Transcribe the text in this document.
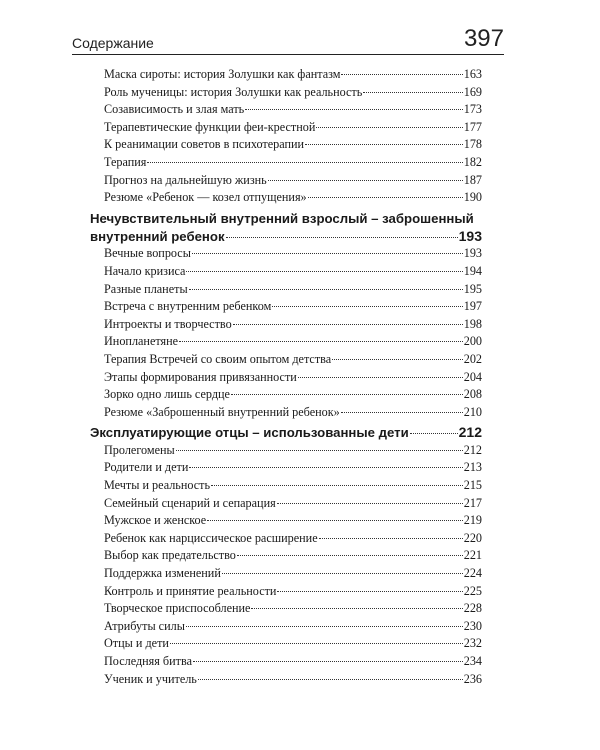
Содержание	397
Маска сироты: история Золушки как фантазм	163
Роль мученицы: история Золушки как реальность	169
Созависимость и злая мать	173
Терапевтические функции феи-крестной	177
К реанимации советов в психотерапии	178
Терапия	182
Прогноз на дальнейшую жизнь	187
Резюме «Ребенок — козел отпущения»	190
Нечувствительный внутренний взрослый – заброшенный
внутренний ребенок	193
Вечные вопросы	193
Начало кризиса	194
Разные планеты	195
Встреча с внутренним ребенком	197
Интроекты и творчество	198
Инопланетяне	200
Терапия Встречей со своим опытом детства	202
Этапы формирования привязанности	204
Зорко одно лишь сердце	208
Резюме «Заброшенный внутренний ребенок»	210
Эксплуатирующие отцы – использованные дети	212
Пролегомены	212
Родители и дети	213
Мечты и реальность	215
Семейный сценарий и сепарация	217
Мужское и женское	219
Ребенок как нарциссическое расширение	220
Выбор как предательство	221
Поддержка изменений	224
Контроль и принятие реальности	225
Творческое приспособление	228
Атрибуты силы	230
Отцы и дети	232
Последняя битва	234
Ученик и учитель	236
